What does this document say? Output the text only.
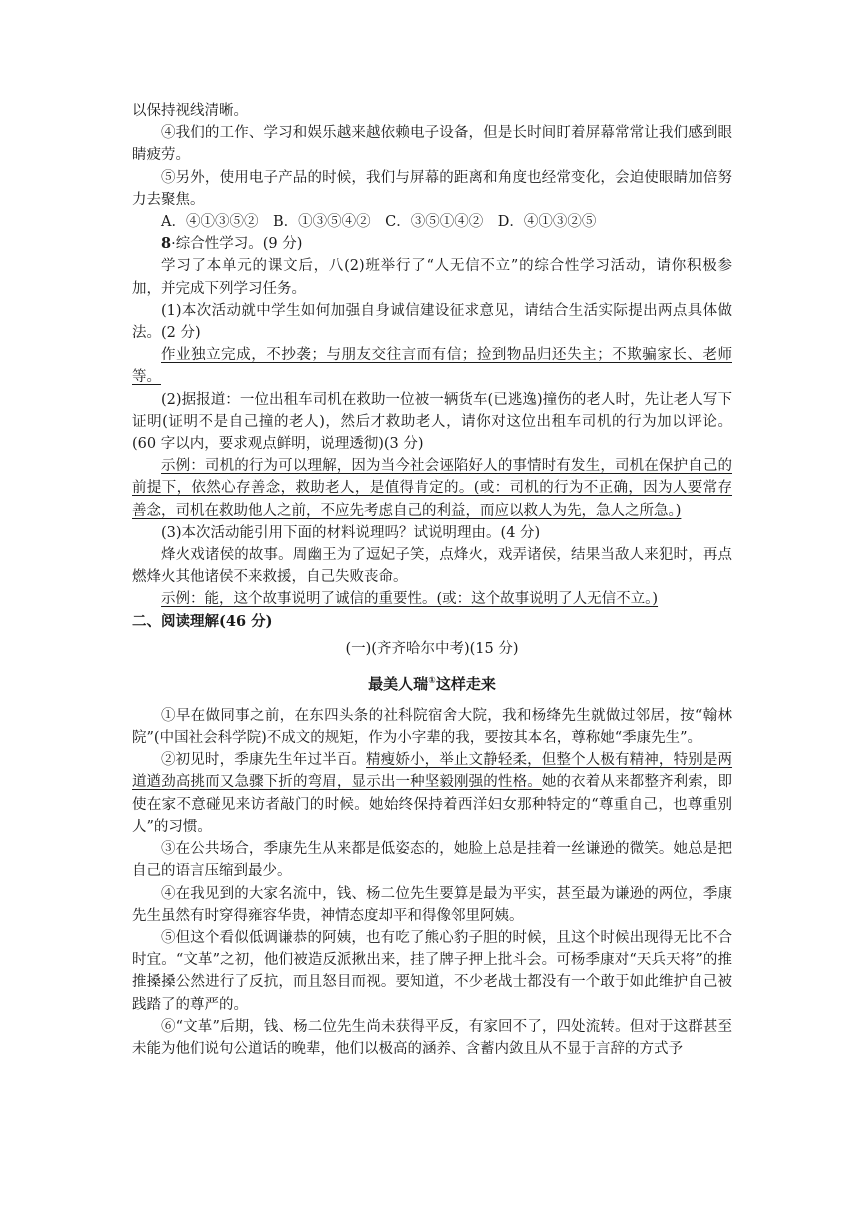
以保持视线清晰。

④我们的工作、学习和娱乐越来越依赖电子设备，但是长时间盯着屏幕常常让我们感到眼睛疲劳。

⑤另外，使用电子产品的时候，我们与屏幕的距离和角度也经常变化，会迫使眼睛加倍努力去聚焦。

A．④①③⑤②　B．①③⑤④②　C．③⑤①④②　D．④①③②⑤

8·综合性学习。(9 分)

学习了本单元的课文后，八(2)班举行了“人无信不立”的综合性学习活动，请你积极参加，并完成下列学习任务。

(1)本次活动就中学生如何加强自身诚信建设征求意见，请结合生活实际提出两点具体做法。(2 分)

作业独立完成，不抄袭；与朋友交往言而有信；捡到物品归还失主；不欺骗家长、老师等。

(2)据报道：一位出租车司机在救助一位被一辆货车(已逃逸)撞伤的老人时，先让老人写下证明(证明不是自己撞的老人)，然后才救助老人，请你对这位出租车司机的行为加以评论。(60 字以内，要求观点鲜明，说理透彻)(3 分)

示例：司机的行为可以理解，因为当今社会诬陷好人的事情时有发生，司机在保护自己的前提下，依然心存善念，救助老人，是值得肯定的。(或：司机的行为不正确，因为人要常存善念，司机在救助他人之前，不应先考虑自己的利益，而应以救人为先，急人之所急。)

(3)本次活动能引用下面的材料说理吗？试说明理由。(4 分)

烽火戏诸侯的故事。周幽王为了逗妃子笑，点烽火，戏弄诸侯，结果当敌人来犯时，再点燃烽火其他诸侯不来救援，自己失败丧命。

示例：能，这个故事说明了诚信的重要性。(或：这个故事说明了人无信不立。)

二、阅读理解(46 分)

(一)(齐齐哈尔中考)(15 分)

最美人瑞①这样走来

①早在做同事之前，在东四头条的社科院宿舍大院，我和杨绛先生就做过邻居，按“翰林院”(中国社会科学院)不成文的规矩，作为小字辈的我，要按其本名，尊称她“季康先生”。

②初见时，季康先生年过半百。精瘦娇小，举止文静轻柔，但整个人极有精神，特别是两道遒劲高挑而又急骤下折的弯眉，显示出一种坚毅刚强的性格。她的衣着从来都整齐利索，即使在家不意碰见来访者敲门的时候。她始终保持着西洋妇女那种特定的“尊重自己，也尊重别人”的习惯。

③在公共场合，季康先生从来都是低姿态的，她脸上总是挂着一丝谦逊的微笑。她总是把自己的语言压缩到最少。

④在我见到的大家名流中，钱、杨二位先生要算是最为平实，甚至最为谦逊的两位，季康先生虽然有时穿得雍容华贵，神情态度却平和得像邻里阿姨。

⑤但这个看似低调谦恭的阿姨，也有吃了熊心豹子胆的时候，且这个时候出现得无比不合时宜。“文革”之初，他们被造反派揪出来，挂了牌子押上批斗会。可杨季康对“天兵天将”的推推搡搡公然进行了反抗，而且怒目而视。要知道，不少老战士都没有一个敢于如此维护自己被践踏了的尊严的。

⑥“文革”后期，钱、杨二位先生尚未获得平反，有家回不了，四处流转。但对于这群甚至未能为他们说句公道话的晚辈，他们以极高的涵养、含蓄内敛且从不显于言辞的方式予
